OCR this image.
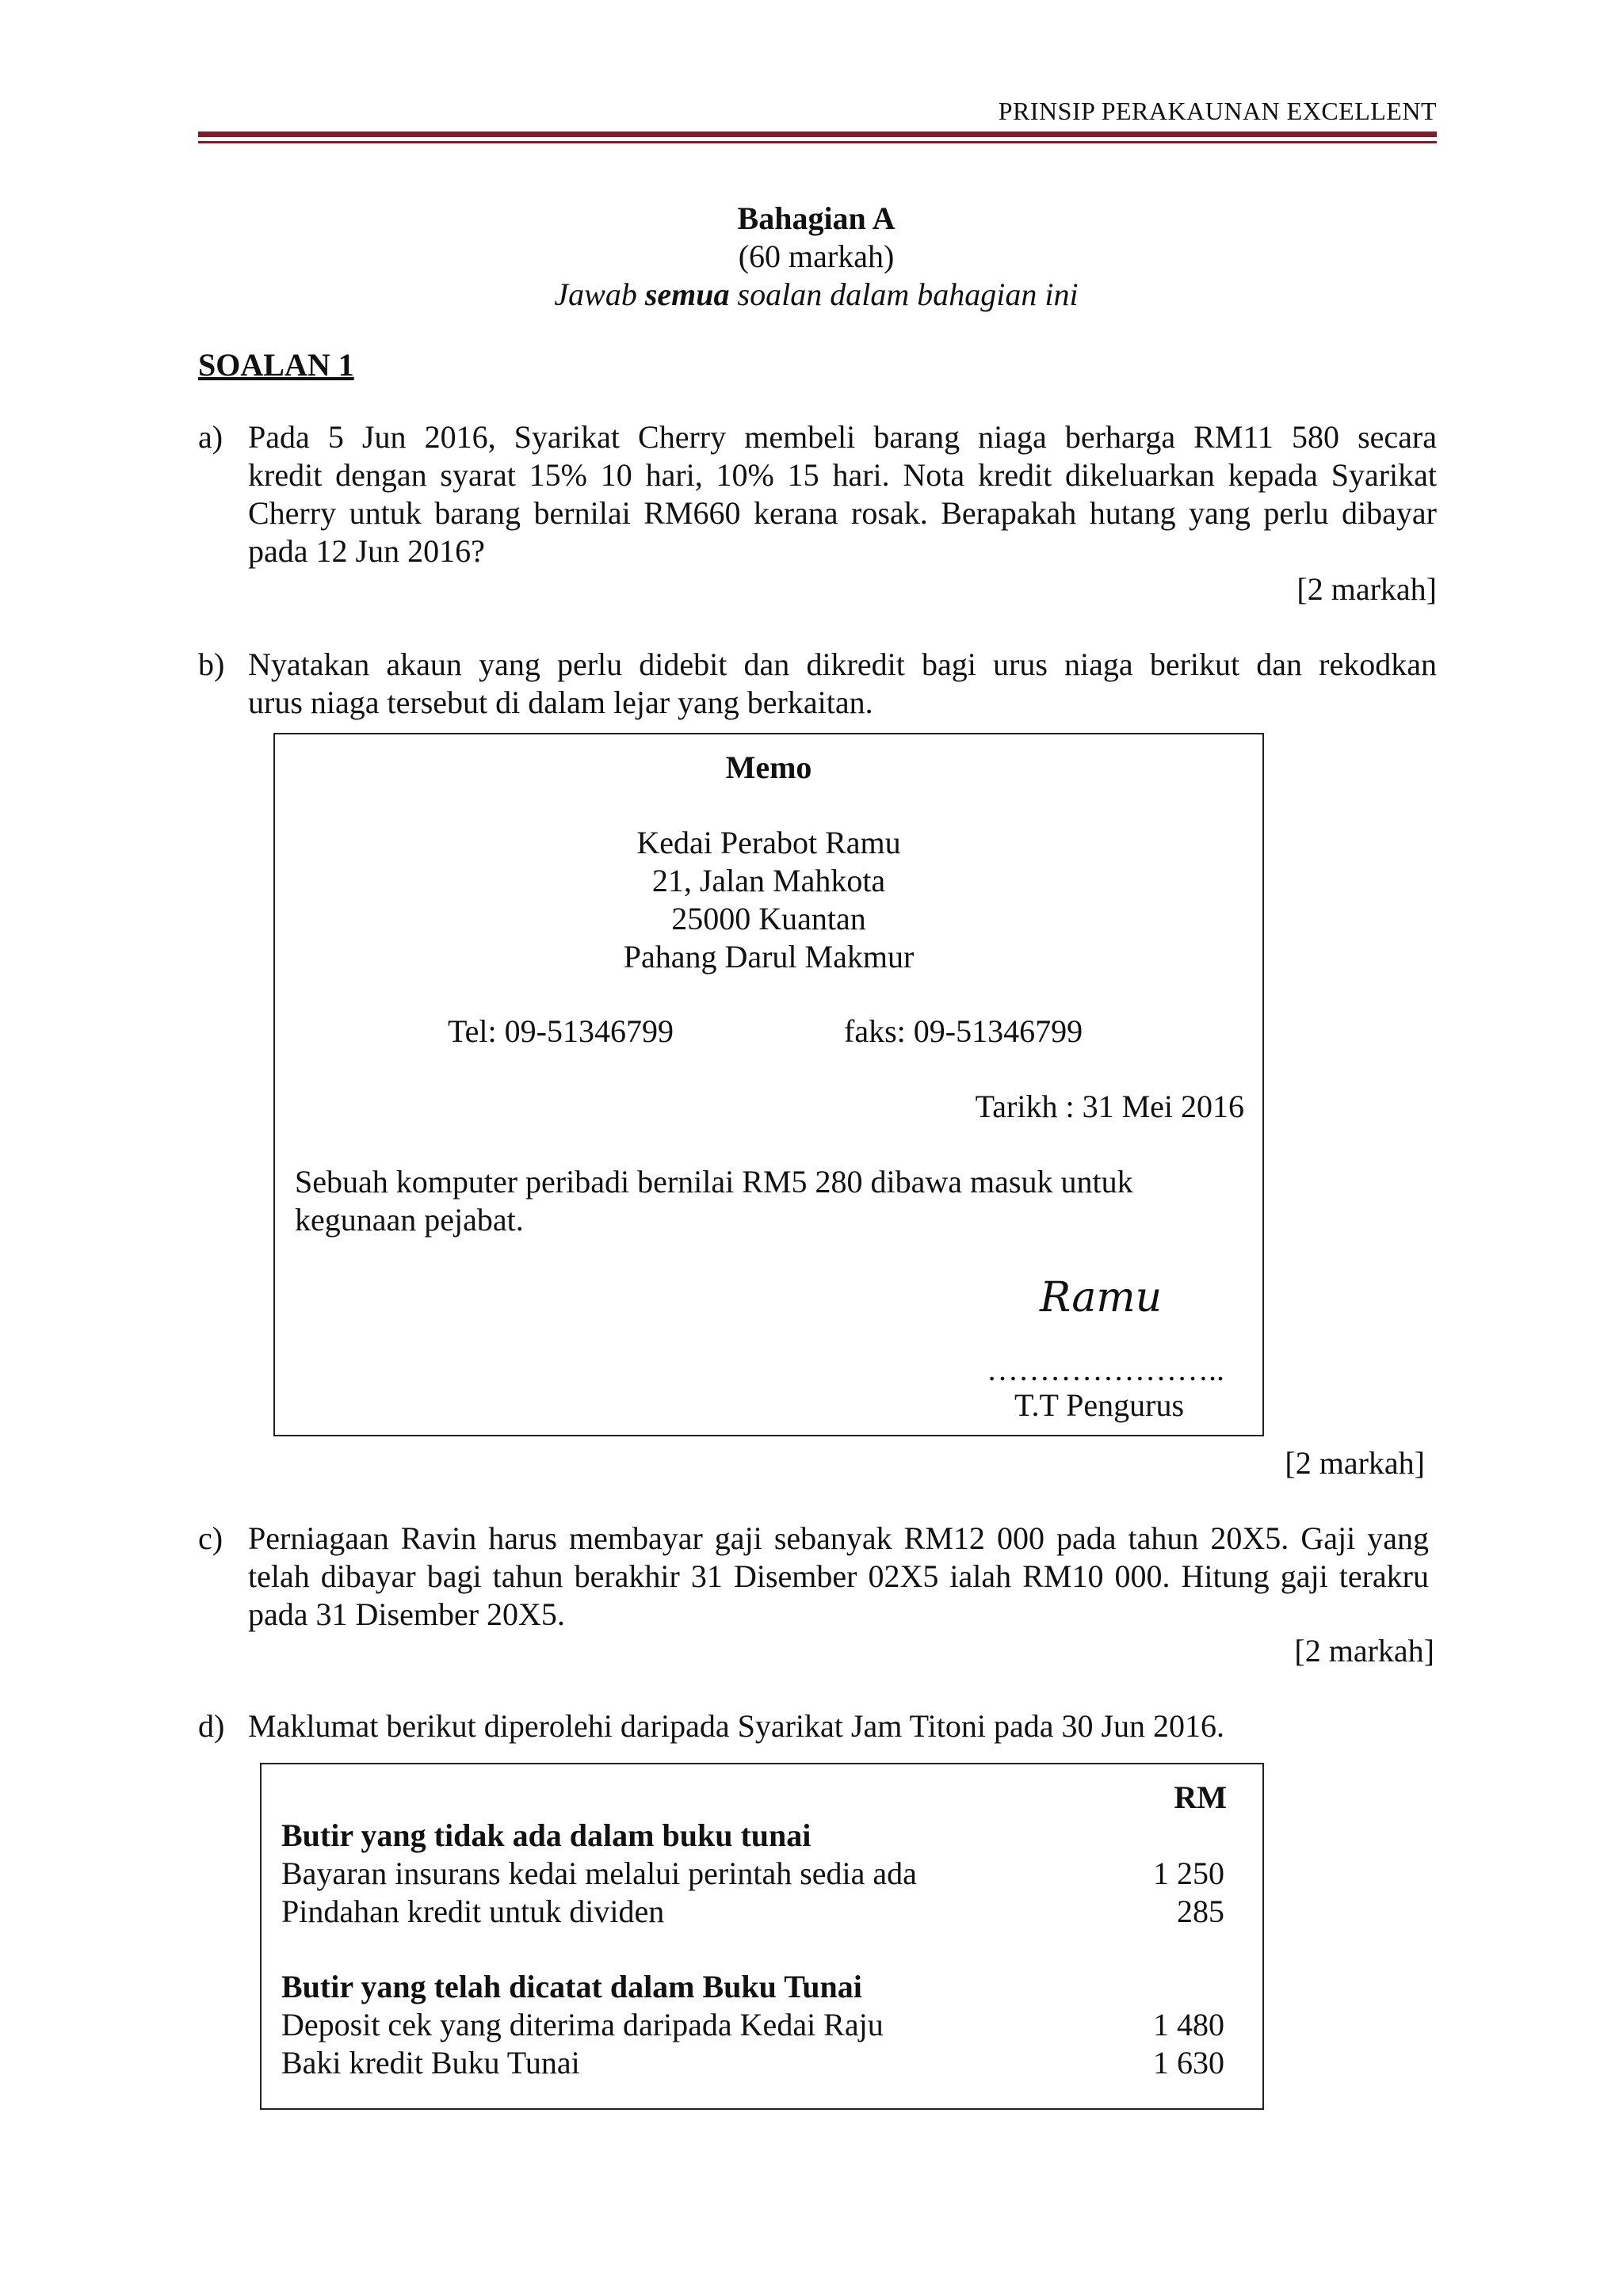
PRINSIP PERAKAUNAN EXCELLENT
Bahagian A
(60 markah)
Jawab semua soalan dalam bahagian ini
SOALAN 1
a) Pada 5 Jun 2016, Syarikat Cherry membeli barang niaga berharga RM11 580 secara
kredit dengan syarat 15% 10 hari, 10% 15 hari. Nota kredit dikeluarkan kepada Syarikat
Cherry untuk barang bernilai RM660 kerana rosak. Berapakah hutang yang perlu dibayar
pada 12 Jun 2016?
[2 markah]
b) Nyatakan akaun yang perlu didebit dan dikredit bagi urus niaga berikut dan rekodkan
urus niaga tersebut di dalam lejar yang berkaitan.
Memo
Kedai Perabot Ramu
21, Jalan Mahkota
25000 Kuantan
Pahang Darul Makmur
Tel: 09-51346799	faks: 09-51346799
Tarikh : 31 Mei 2016
Sebuah komputer peribadi bernilai RM5 280 dibawa masuk untuk
kegunaan pejabat.
Ramu
…………………..
T.T Pengurus
[2 markah]
c) Perniagaan Ravin harus membayar gaji sebanyak RM12 000 pada tahun 20X5. Gaji yang
telah dibayar bagi tahun berakhir 31 Disember 02X5 ialah RM10 000. Hitung gaji terakru
pada 31 Disember 20X5.
[2 markah]
d) Maklumat berikut diperolehi daripada Syarikat Jam Titoni pada 30 Jun 2016.
RM
Butir yang tidak ada dalam buku tunai
Bayaran insurans kedai melalui perintah sedia ada	1 250
Pindahan kredit untuk dividen	285
Butir yang telah dicatat dalam Buku Tunai
Deposit cek yang diterima daripada Kedai Raju	1 480
Baki kredit Buku Tunai	1 630
